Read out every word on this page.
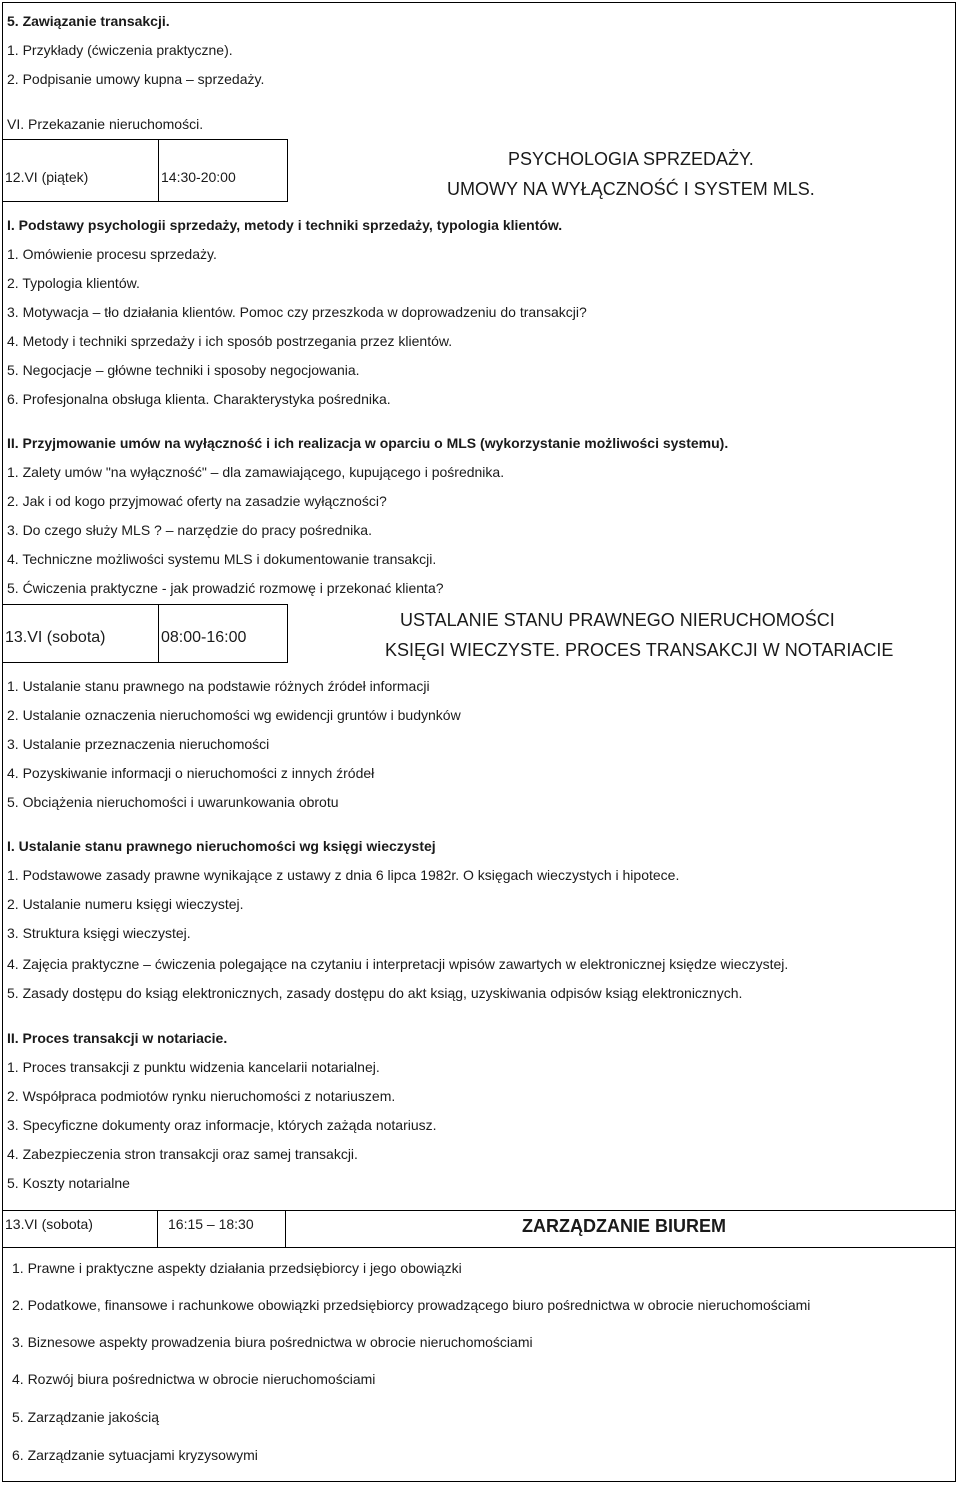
5. Zawiązanie transakcji.
1. Przykłady (ćwiczenia praktyczne).
2. Podpisanie umowy kupna – sprzedaży.
VI. Przekazanie nieruchomości.
12.VI (piątek)	14:30-20:00
PSYCHOLOGIA SPRZEDAŻY.
UMOWY NA WYŁĄCZNOŚĆ I SYSTEM MLS.
I. Podstawy psychologii sprzedaży, metody i techniki sprzedaży, typologia klientów.
1. Omówienie procesu sprzedaży.
2. Typologia klientów.
3. Motywacja – tło działania klientów. Pomoc czy przeszkoda w doprowadzeniu do transakcji?
4. Metody i techniki sprzedaży i ich sposób postrzegania przez klientów.
5. Negocjacje – główne techniki i sposoby negocjowania.
6. Profesjonalna obsługa klienta. Charakterystyka pośrednika.
II. Przyjmowanie umów na wyłączność i ich realizacja w oparciu o MLS (wykorzystanie możliwości systemu).
1. Zalety umów "na wyłączność" – dla zamawiającego, kupującego i pośrednika.
2. Jak i od kogo przyjmować oferty na zasadzie wyłączności?
3. Do czego służy MLS ? – narzędzie do pracy pośrednika.
4. Techniczne możliwości systemu MLS i dokumentowanie transakcji.
5. Ćwiczenia praktyczne - jak prowadzić rozmowę i przekonać klienta?
13.VI (sobota)	08:00-16:00
USTALANIE STANU PRAWNEGO NIERUCHOMOŚCI
KSIĘGI WIECZYSTE. PROCES TRANSAKCJI W NOTARIACIE
1. Ustalanie stanu prawnego na podstawie różnych źródeł informacji
2. Ustalanie oznaczenia nieruchomości wg ewidencji gruntów i budynków
3. Ustalanie przeznaczenia nieruchomości
4. Pozyskiwanie informacji o nieruchomości z innych źródeł
5. Obciążenia nieruchomości i uwarunkowania obrotu
I. Ustalanie stanu prawnego nieruchomości wg księgi wieczystej
1. Podstawowe zasady prawne wynikające z ustawy z dnia 6 lipca 1982r. O księgach wieczystych i hipotece.
2. Ustalanie numeru księgi wieczystej.
3. Struktura księgi wieczystej.
4. Zajęcia praktyczne – ćwiczenia polegające na czytaniu i interpretacji wpisów zawartych w elektronicznej księdze wieczystej.
5. Zasady dostępu do ksiąg elektronicznych, zasady dostępu do akt ksiąg, uzyskiwania odpisów ksiąg elektronicznych.
II. Proces transakcji w notariacie.
1. Proces transakcji z punktu widzenia kancelarii notarialnej.
2. Współpraca podmiotów rynku nieruchomości z notariuszem.
3. Specyficzne dokumenty oraz informacje, których zażąda notariusz.
4. Zabezpieczenia stron transakcji oraz samej transakcji.
5. Koszty notarialne
13.VI (sobota)	16:15 – 18:30	ZARZĄDZANIE BIUREM
1. Prawne i praktyczne aspekty działania przedsiębiorcy i jego obowiązki
2. Podatkowe, finansowe i rachunkowe obowiązki przedsiębiorcy prowadzącego biuro pośrednictwa w obrocie nieruchomościami
3. Biznesowe aspekty prowadzenia biura pośrednictwa w obrocie nieruchomościami
4. Rozwój biura pośrednictwa w obrocie nieruchomościami
5. Zarządzanie jakością
6. Zarządzanie sytuacjami kryzysowymi
